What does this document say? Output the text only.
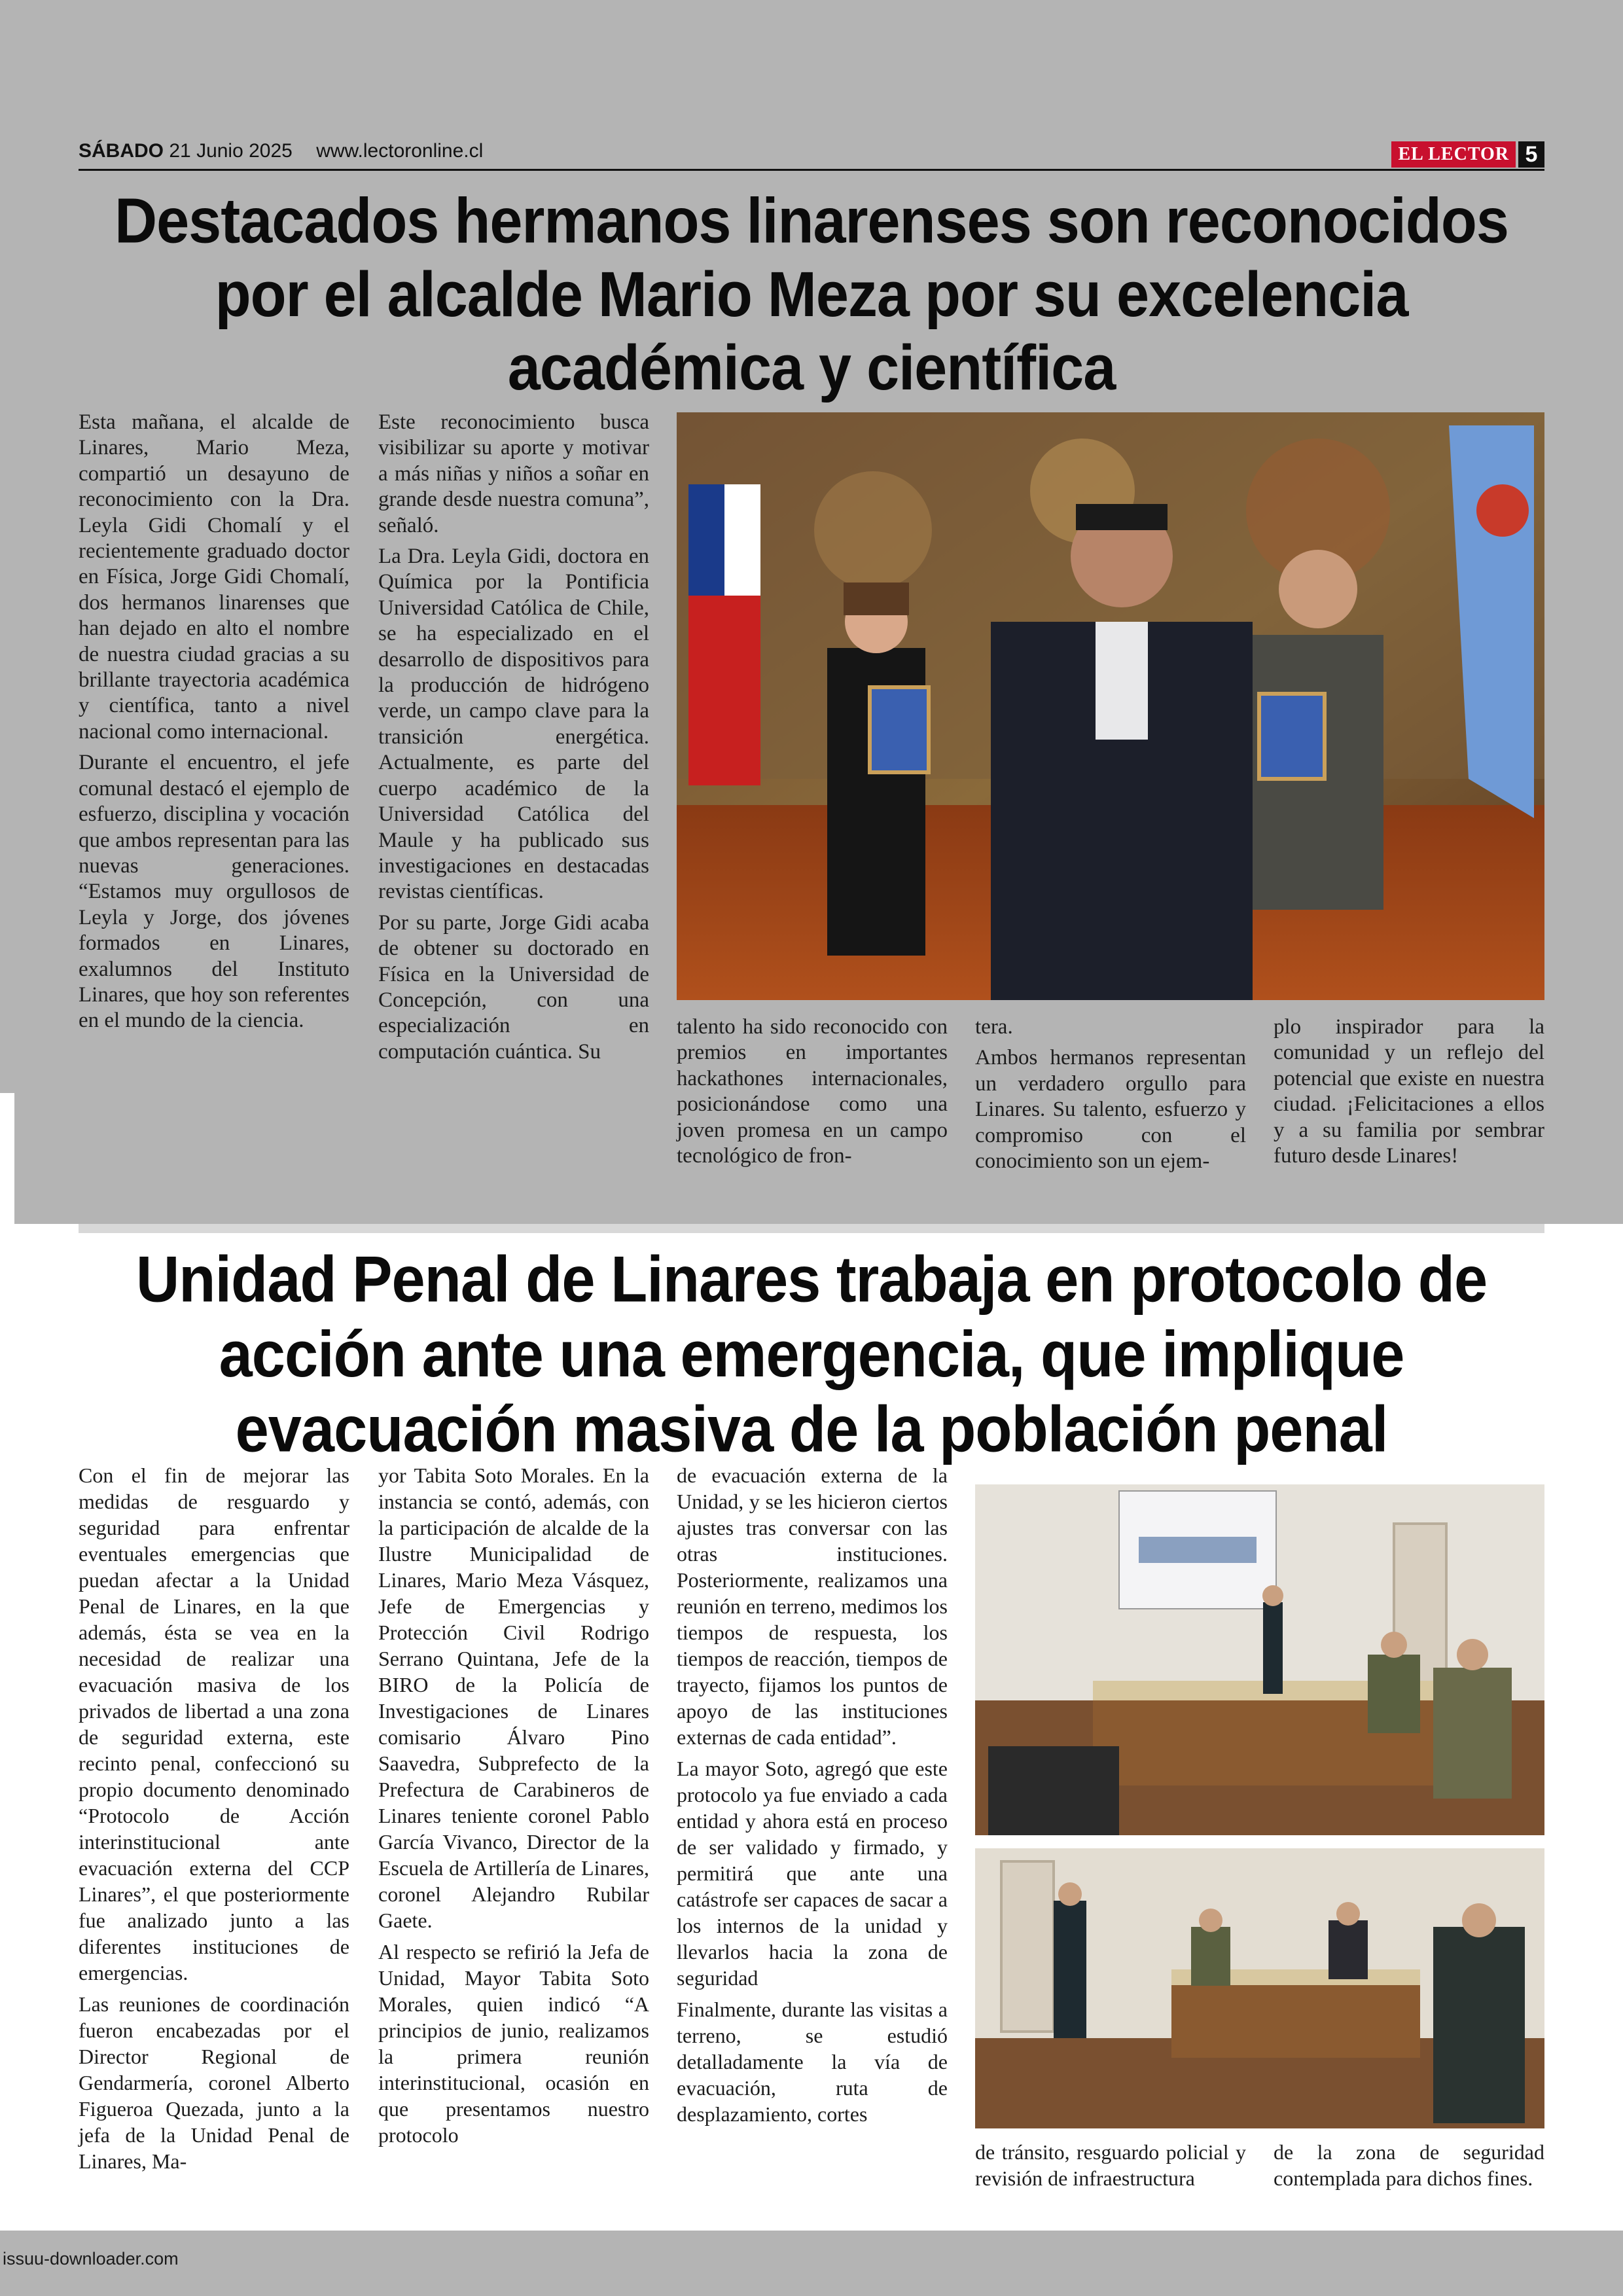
SÁBADO 21 Junio 2025 www.lectoronline.cl	EL LECTOR 5
Destacados hermanos linarenses son reconocidos por el alcalde Mario Meza por su excelencia académica y científica

Esta mañana, el alcalde de Linares, Mario Meza, compartió un desayuno de reconocimiento con la Dra. Leyla Gidi Chomalí y el recientemente graduado doctor en Física, Jorge Gidi Chomalí, dos hermanos linarenses que han dejado en alto el nombre de nuestra ciudad gracias a su brillante trayectoria académica y científica, tanto a nivel nacional como internacional.

Durante el encuentro, el jefe comunal destacó el ejemplo de esfuerzo, disciplina y vocación que ambos representan para las nuevas generaciones. “Estamos muy orgullosos de Leyla y Jorge, dos jóvenes formados en Linares, exalumnos del Instituto Linares, que hoy son referentes en el mundo de la ciencia.

Este reconocimiento busca visibilizar su aporte y motivar a más niñas y niños a soñar en grande desde nuestra comuna”, señaló.

La Dra. Leyla Gidi, doctora en Química por la Pontificia Universidad Católica de Chile, se ha especializado en el desarrollo de dispositivos para la producción de hidrógeno verde, un campo clave para la transición energética. Actualmente, es parte del cuerpo académico de la Universidad Católica del Maule y ha publicado sus investigaciones en destacadas revistas científicas.

Por su parte, Jorge Gidi acaba de obtener su doctorado en Física en la Universidad de Concepción, con una especialización en computación cuántica. Su

talento ha sido reconocido con premios en importantes hackathones internacionales, posicionándose como una joven promesa en un campo tecnológico de fron-

tera.

Ambos hermanos representan un verdadero orgullo para Linares. Su talento, esfuerzo y compromiso con el conocimiento son un ejem-

plo inspirador para la comunidad y un reflejo del potencial que existe en nuestra ciudad. ¡Felicitaciones a ellos y a su familia por sembrar futuro desde Linares!

Unidad Penal de Linares trabaja en protocolo de acción ante una emergencia, que implique evacuación masiva de la población penal

Con el fin de mejorar las medidas de resguardo y seguridad para enfrentar eventuales emergencias que puedan afectar a la Unidad Penal de Linares, en la que además, ésta se vea en la necesidad de realizar una evacuación masiva de los privados de libertad a una zona de seguridad externa, este recinto penal, confeccionó su propio documento denominado “Protocolo de Acción interinstitucional ante evacuación externa del CCP Linares”, el que posteriormente fue analizado junto a las diferentes instituciones de emergencias.

Las reuniones de coordinación fueron encabezadas por el Director Regional de Gendarmería, coronel Alberto Figueroa Quezada, junto a la jefa de la Unidad Penal de Linares, Ma-

yor Tabita Soto Morales. En la instancia se contó, además, con la participación de alcalde de la Ilustre Municipalidad de Linares, Mario Meza Vásquez, Jefe de Emergencias y Protección Civil Rodrigo Serrano Quintana, Jefe de la BIRO de la Policía de Investigaciones de Linares comisario Álvaro Pino Saavedra, Subprefecto de la Prefectura de Carabineros de Linares teniente coronel Pablo García Vivanco, Director de la Escuela de Artillería de Linares, coronel Alejandro Rubilar Gaete.

Al respecto se refirió la Jefa de Unidad, Mayor Tabita Soto Morales, quien indicó “A principios de junio, realizamos la primera reunión interinstitucional, ocasión en que presentamos nuestro protocolo

de evacuación externa de la Unidad, y se les hicieron ciertos ajustes tras conversar con las otras instituciones. Posteriormente, realizamos una reunión en terreno, medimos los tiempos de respuesta, los tiempos de reacción, tiempos de trayecto, fijamos los puntos de apoyo de las instituciones externas de cada entidad”.

La mayor Soto, agregó que este protocolo ya fue enviado a cada entidad y ahora está en proceso de ser validado y firmado, y permitirá que ante una catástrofe ser capaces de sacar a los internos de la unidad y llevarlos hacia la zona de seguridad

Finalmente, durante las visitas a terreno, se estudió detalladamente la vía de evacuación, ruta de desplazamiento, cortes

de tránsito, resguardo policial y revisión de infraestructura

de la zona de seguridad contemplada para dichos fines.

issuu-downloader.com
